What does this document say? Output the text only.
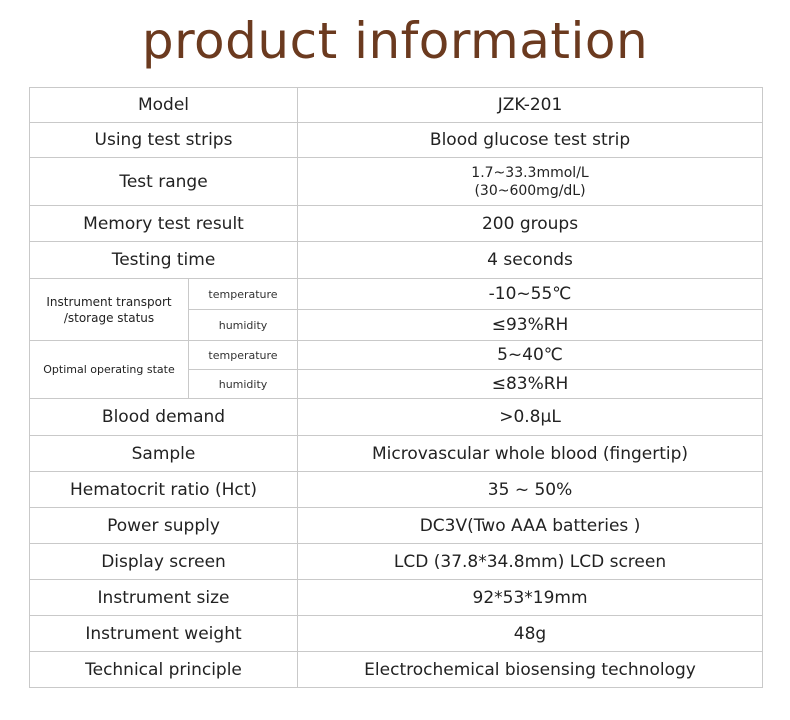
product information
Model		JZK-201
Using test strips		Blood glucose test strip
Test range		1.7~33.3mmol/L
(30~600mg/dL)

Memory test result		200 groups
Testing time		4 seconds

Instrument transport
/storage status	temperature	-10~55℃
	humidity	≤93%RH
Optimal operating state	temperature	5~40℃
	humidity	≤83%RH
Blood demand		>0.8μL
Sample		Microvascular whole blood (fingertip)
Hematocrit ratio (Hct)		35 ~ 50%
Power supply		DC3V(Two AAA batteries )
Display screen		LCD (37.8*34.8mm) LCD screen
Instrument size		92*53*19mm
Instrument weight		48g
Technical principle		Electrochemical biosensing technology
